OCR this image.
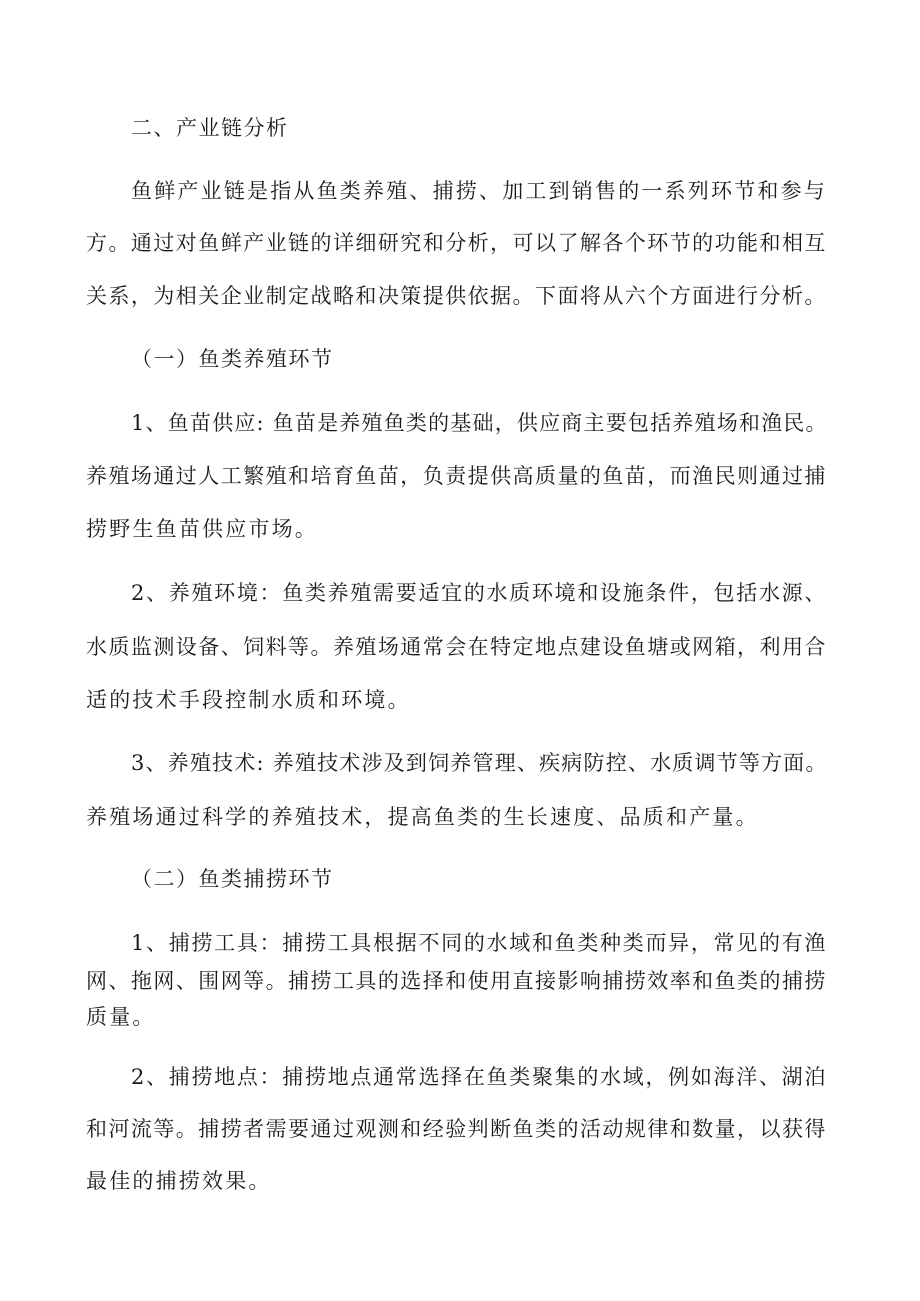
二、产业链分析
鱼鲜产业链是指从鱼类养殖、捕捞、加工到销售的一系列环节和参与
方。通过对鱼鲜产业链的详细研究和分析，可以了解各个环节的功能和相互
关系，为相关企业制定战略和决策提供依据。下面将从六个方面进行分析。
（一）鱼类养殖环节
1、鱼苗供应: 鱼苗是养殖鱼类的基础，供应商主要包括养殖场和渔民。
养殖场通过人工繁殖和培育鱼苗，负责提供高质量的鱼苗，而渔民则通过捕
捞野生鱼苗供应市场。
2、养殖环境：鱼类养殖需要适宜的水质环境和设施条件，包括水源、
水质监测设备、饲料等。养殖场通常会在特定地点建设鱼塘或网箱，利用合
适的技术手段控制水质和环境。
3、养殖技术: 养殖技术涉及到饲养管理、疾病防控、水质调节等方面。
养殖场通过科学的养殖技术，提高鱼类的生长速度、品质和产量。
（二）鱼类捕捞环节
1、捕捞工具：捕捞工具根据不同的水域和鱼类种类而异，常见的有渔
网、拖网、围网等。捕捞工具的选择和使用直接影响捕捞效率和鱼类的捕捞
质量。
2、捕捞地点：捕捞地点通常选择在鱼类聚集的水域，例如海洋、湖泊
和河流等。捕捞者需要通过观测和经验判断鱼类的活动规律和数量，以获得
最佳的捕捞效果。
